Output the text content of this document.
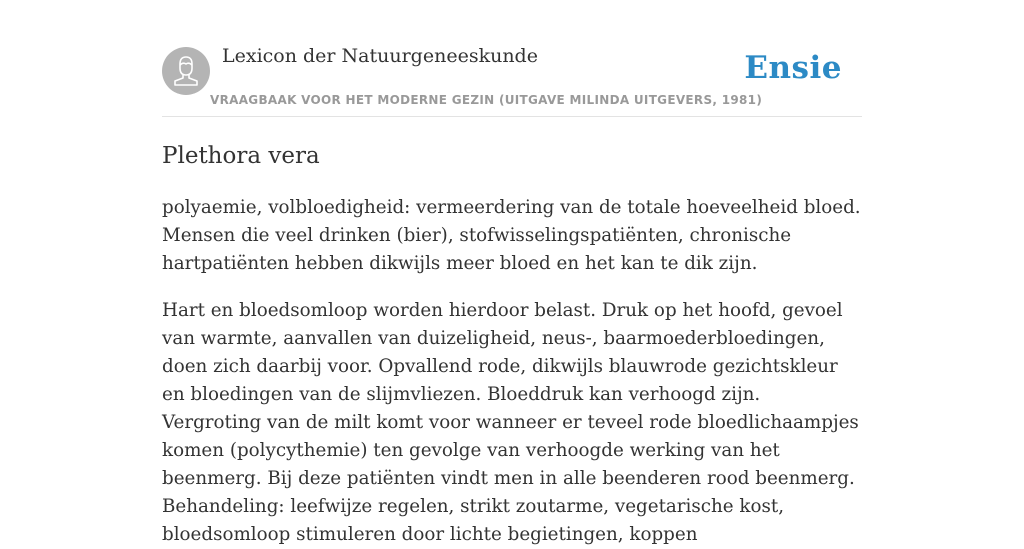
Lexicon der Natuurgeneeskunde
VRAAGBAAK VOOR HET MODERNE GEZIN (UITGAVE MILINDA UITGEVERS, 1981)
Ensie
Plethora vera

polyaemie, volbloedigheid: vermeerdering van de totale hoeveelheid bloed. Mensen die veel drinken (bier), stofwisselingspatiënten, chronische hartpatiënten hebben dikwijls meer bloed en het kan te dik zijn.

Hart en bloedsomloop worden hierdoor belast. Druk op het hoofd, gevoel van warmte, aanvallen van duizeligheid, neus-, baarmoederbloedingen, doen zich daarbij voor. Opvallend rode, dikwijls blauwrode gezichtskleur en bloedingen van de slijmvliezen. Bloeddruk kan verhoogd zijn. Vergroting van de milt komt voor wanneer er teveel rode bloedlichaampjes komen (polycythemie) ten gevolge van verhoogde werking van het beenmerg. Bij deze patiënten vindt men in alle beenderen rood beenmerg. Behandeling: leefwijze regelen, strikt zoutarme, vegetarische kost, bloedsomloop stimuleren door lichte begietingen, koppen
